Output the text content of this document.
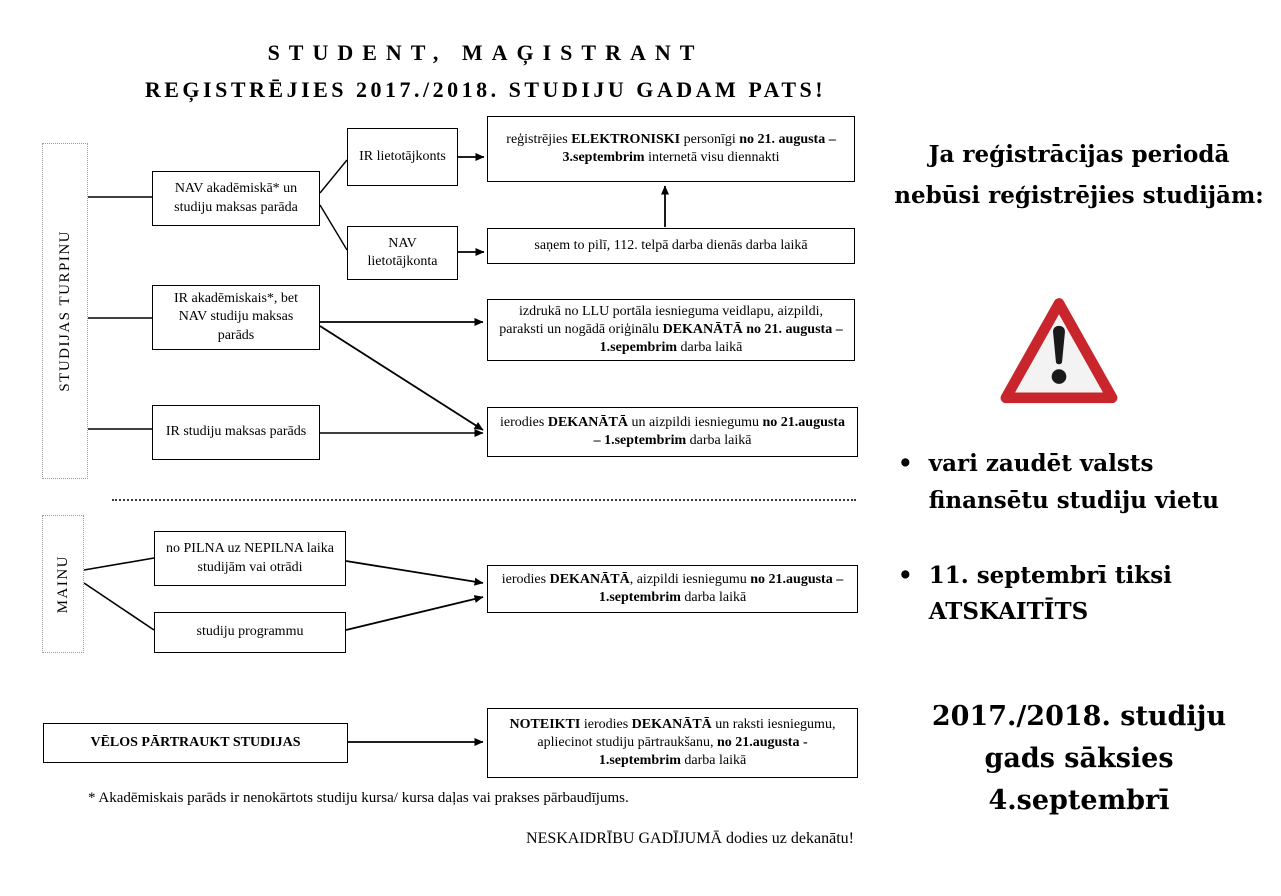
STUDENT, MAĢISTRANT
REĢISTRĒJIES 2017./2018. STUDIJU GADAM PATS!
STUDIJAS TURPINU
NAV akadēmiskā* un studiju maksas parāda
IR lietotājkonts
NAV lietotājkonta
reģistrējies ELEKTRONISKI personīgi no 21. augusta – 3.septembrim internetā visu diennakti
saņem to pilī, 112. telpā darba dienās darba laikā
IR akadēmiskais*, bet NAV studiju maksas parāds
izdrukā no LLU portāla iesnieguma veidlapu, aizpildi, paraksti un nogādā oriģinālu DEKANĀTĀ no 21. augusta – 1.sepembrim darba laikā
IR studiju maksas parāds
ierodies DEKANĀTĀ un aizpildi iesniegumu no 21.augusta – 1.septembrim darba laikā
MAINU
no PILNA uz NEPILNA laika studijām vai otrādi
studiju programmu
ierodies DEKANĀTĀ, aizpildi iesniegumu no 21.augusta – 1.septembrim darba laikā
VĒLOS PĀRTRAUKT STUDIJAS
NOTEIKTI ierodies DEKANĀTĀ un raksti iesniegumu, apliecinot studiju pārtraukšanu, no 21.augusta - 1.septembrim darba laikā
Ja reģistrācijas periodā nebūsi reģistrējies studijām:
• vari zaudēt valsts finansētu studiju vietu
• 11. septembrī tiksi ATSKAITĪTS
2017./2018. studiju gads sāksies 4.septembrī
* Akadēmiskais parāds ir nenokārtots studiju kursa/ kursa daļas vai prakses pārbaudījums.
NESKAIDRĪBU GADĪJUMĀ dodies uz dekanātu!
